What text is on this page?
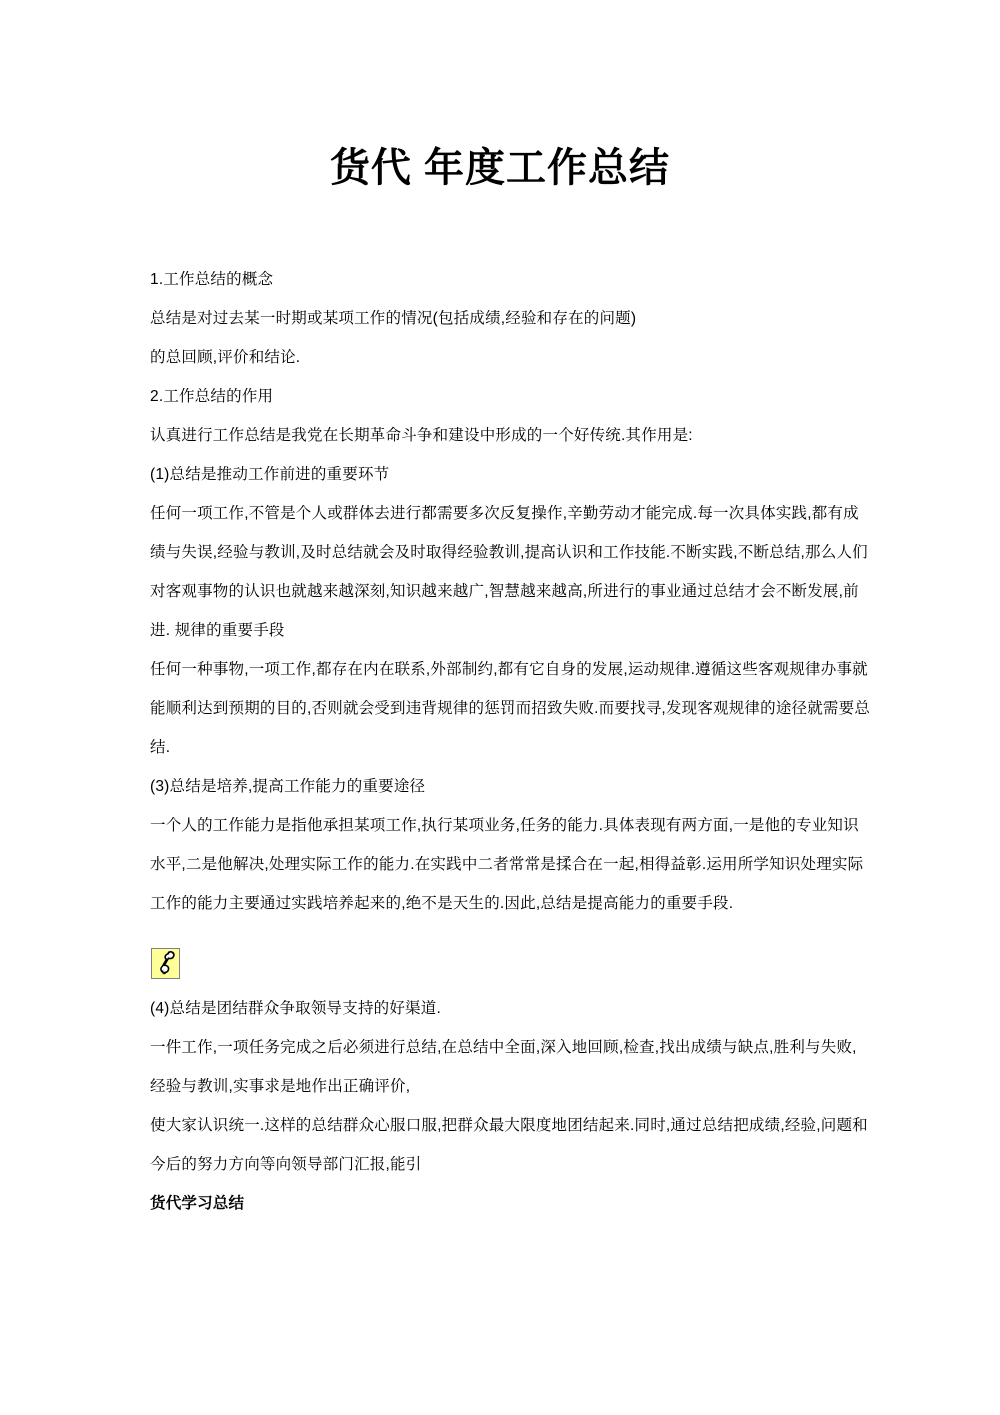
货代 年度工作总结

1.工作总结的概念

总结是对过去某一时期或某项工作的情况(包括成绩,经验和存在的问题)

的总回顾,评价和结论.

2.工作总结的作用

认真进行工作总结是我党在长期革命斗争和建设中形成的一个好传统.其作用是:

(1)总结是推动工作前进的重要环节

任何一项工作,不管是个人或群体去进行都需要多次反复操作,辛勤劳动才能完成.每一次具体实践,都有成

绩与失误,经验与教训,及时总结就会及时取得经验教训,提高认识和工作技能.不断实践,不断总结,那么人们

对客观事物的认识也就越来越深刻,知识越来越广,智慧越来越高,所进行的事业通过总结才会不断发展,前

进. 规律的重要手段

任何一种事物,一项工作,都存在内在联系,外部制约,都有它自身的发展,运动规律.遵循这些客观规律办事就

能顺利达到预期的目的,否则就会受到违背规律的惩罚而招致失败.而要找寻,发现客观规律的途径就需要总

结.

(3)总结是培养,提高工作能力的重要途径

一个人的工作能力是指他承担某项工作,执行某项业务,任务的能力.具体表现有两方面,一是他的专业知识

水平,二是他解决,处理实际工作的能力.在实践中二者常常是揉合在一起,相得益彰.运用所学知识处理实际

工作的能力主要通过实践培养起来的,绝不是天生的.因此,总结是提高能力的重要手段.

(4)总结是团结群众争取领导支持的好渠道.

一件工作,一项任务完成之后必须进行总结,在总结中全面,深入地回顾,检查,找出成绩与缺点,胜利与失败,

经验与教训,实事求是地作出正确评价,

使大家认识统一.这样的总结群众心服口服,把群众最大限度地团结起来.同时,通过总结把成绩,经验,问题和

今后的努力方向等向领导部门汇报,能引

货代学习总结
